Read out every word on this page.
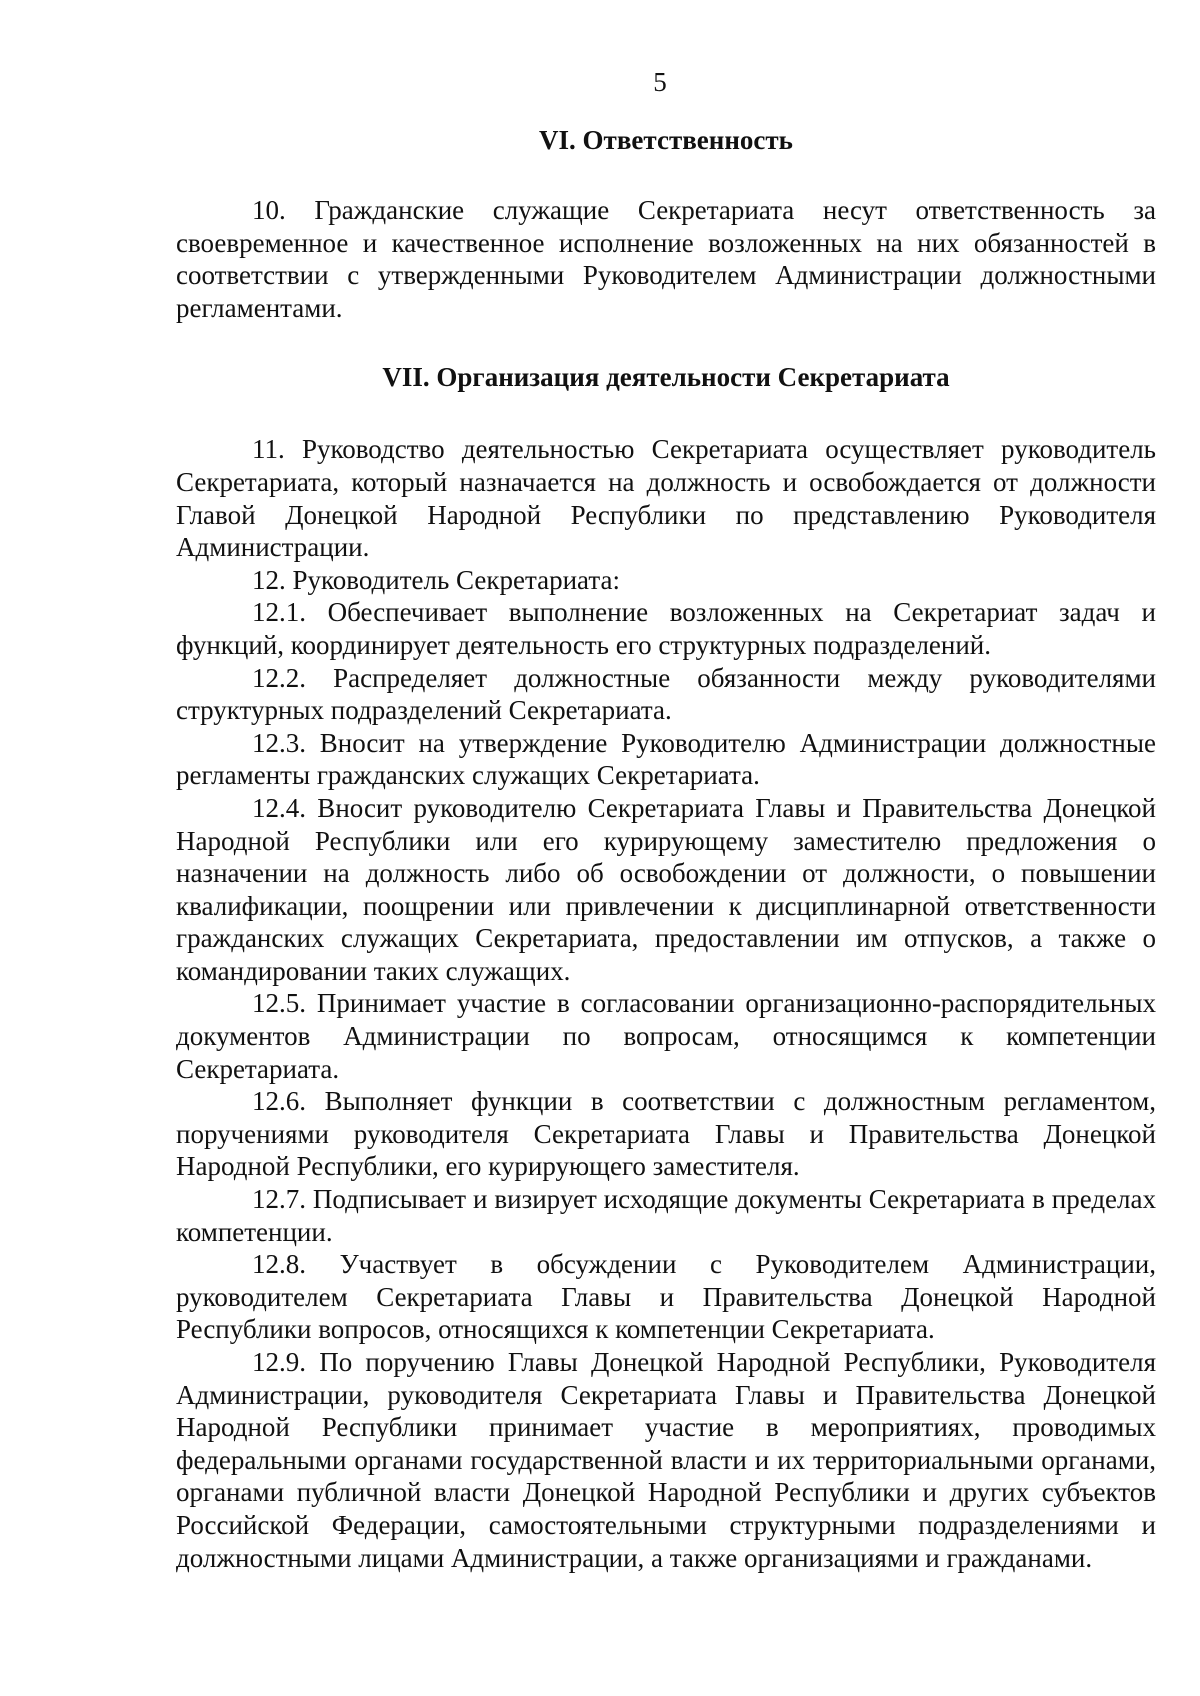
5
VI. Ответственность

10. Гражданские служащие Секретариата несут ответственность за своевременное и качественное исполнение возложенных на них обязанностей в соответствии с утвержденными Руководителем Администрации должностными регламентами.

VII. Организация деятельности Секретариата

11. Руководство деятельностью Секретариата осуществляет руководитель Секретариата, который назначается на должность и освобождается от должности Главой Донецкой Народной Республики по представлению Руководителя Администрации.

12. Руководитель Секретариата:

12.1. Обеспечивает выполнение возложенных на Секретариат задач и функций, координирует деятельность его структурных подразделений.

12.2. Распределяет должностные обязанности между руководителями структурных подразделений Секретариата.

12.3. Вносит на утверждение Руководителю Администрации должностные регламенты гражданских служащих Секретариата.

12.4. Вносит руководителю Секретариата Главы и Правительства Донецкой Народной Республики или его курирующему заместителю предложения о назначении на должность либо об освобождении от должности, о повышении квалификации, поощрении или привлечении к дисциплинарной ответственности гражданских служащих Секретариата, предоставлении им отпусков, а также о командировании таких служащих.

12.5. Принимает участие в согласовании организационно-распорядительных документов Администрации по вопросам, относящимся к компетенции Секретариата.

12.6. Выполняет функции в соответствии с должностным регламентом, поручениями руководителя Секретариата Главы и Правительства Донецкой Народной Республики, его курирующего заместителя.

12.7. Подписывает и визирует исходящие документы Секретариата в пределах компетенции.

12.8. Участвует в обсуждении с Руководителем Администрации, руководителем Секретариата Главы и Правительства Донецкой Народной Республики вопросов, относящихся к компетенции Секретариата.

12.9. По поручению Главы Донецкой Народной Республики, Руководителя Администрации, руководителя Секретариата Главы и Правительства Донецкой Народной Республики принимает участие в мероприятиях, проводимых федеральными органами государственной власти и их территориальными органами, органами публичной власти Донецкой Народной Республики и других субъектов Российской Федерации, самостоятельными структурными подразделениями и должностными лицами Администрации, а также организациями и гражданами.
